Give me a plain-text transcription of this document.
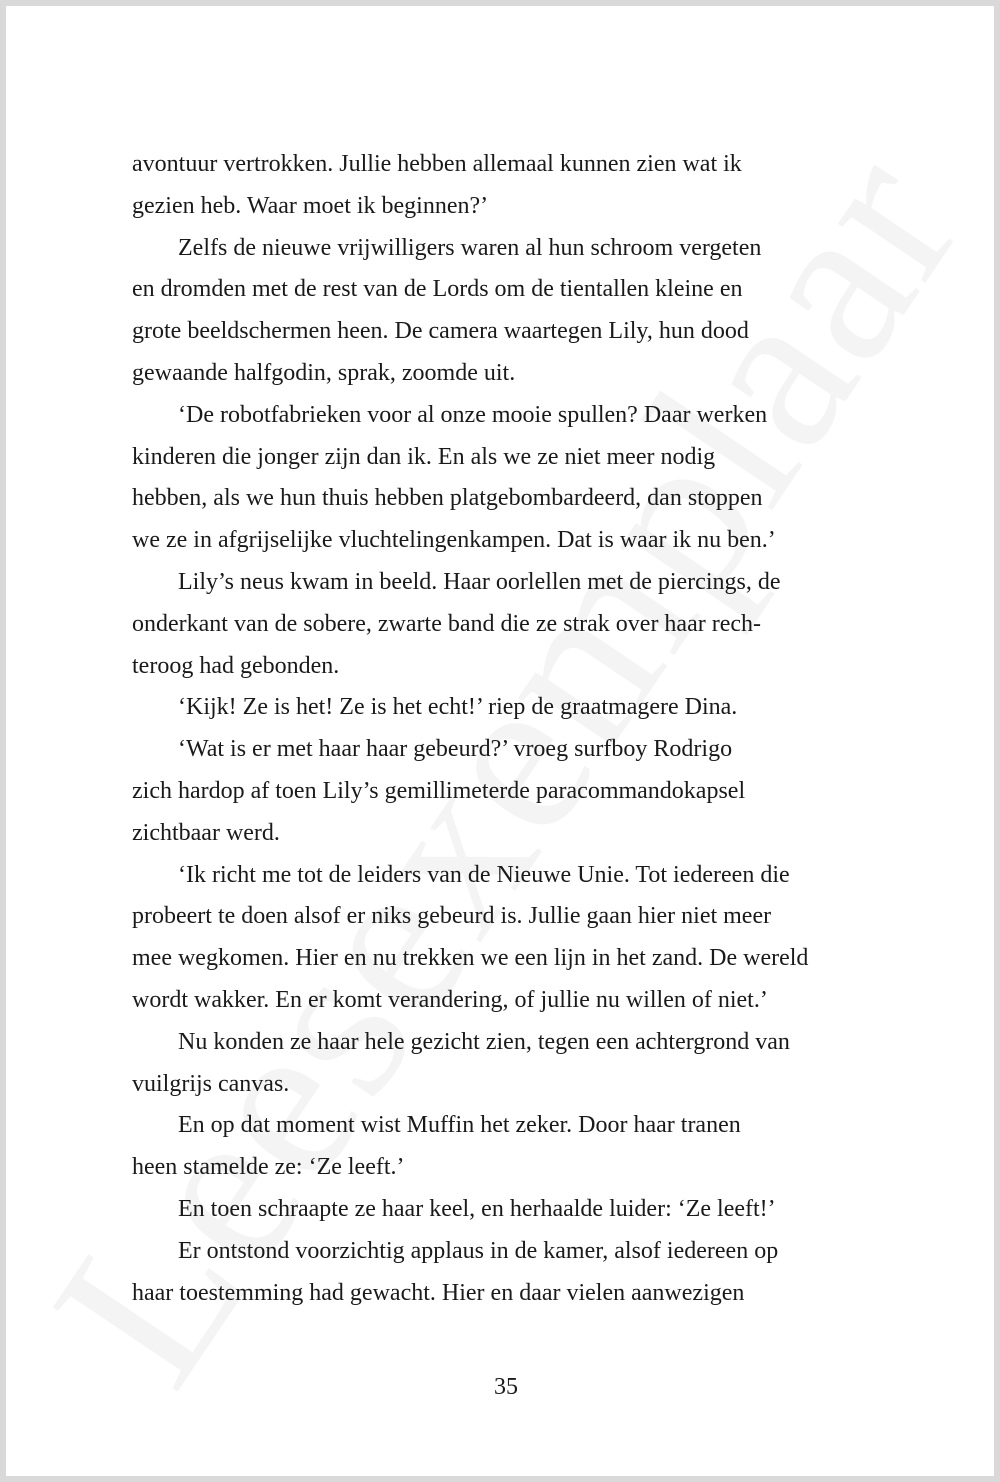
avontuur vertrokken. Jullie hebben allemaal kunnen zien wat ik
gezien heb. Waar moet ik beginnen?’
Zelfs de nieuwe vrijwilligers waren al hun schroom vergeten
en dromden met de rest van de Lords om de tientallen kleine en
grote beeldschermen heen. De camera waartegen Lily, hun dood
gewaande halfgodin, sprak, zoomde uit.
‘De robotfabrieken voor al onze mooie spullen? Daar werken
kinderen die jonger zijn dan ik. En als we ze niet meer nodig
hebben, als we hun thuis hebben platgebombardeerd, dan stoppen
we ze in afgrijselijke vluchtelingenkampen. Dat is waar ik nu ben.’
Lily’s neus kwam in beeld. Haar oorlellen met de piercings, de
onderkant van de sobere, zwarte band die ze strak over haar rech-
teroog had gebonden.
‘Kijk! Ze is het! Ze is het echt!’ riep de graatmagere Dina.
‘Wat is er met haar haar gebeurd?’ vroeg surfboy Rodrigo
zich hardop af toen Lily’s gemillimeterde paracommandokapsel
zichtbaar werd.
‘Ik richt me tot de leiders van de Nieuwe Unie. Tot iedereen die
probeert te doen alsof er niks gebeurd is. Jullie gaan hier niet meer
mee wegkomen. Hier en nu trekken we een lijn in het zand. De wereld
wordt wakker. En er komt verandering, of jullie nu willen of niet.’
Nu konden ze haar hele gezicht zien, tegen een achtergrond van
vuilgrijs canvas.
En op dat moment wist Muffin het zeker. Door haar tranen
heen stamelde ze: ‘Ze leeft.’
En toen schraapte ze haar keel, en herhaalde luider: ‘Ze leeft!’
Er ontstond voorzichtig applaus in de kamer, alsof iedereen op
haar toestemming had gewacht. Hier en daar vielen aanwezigen
35
